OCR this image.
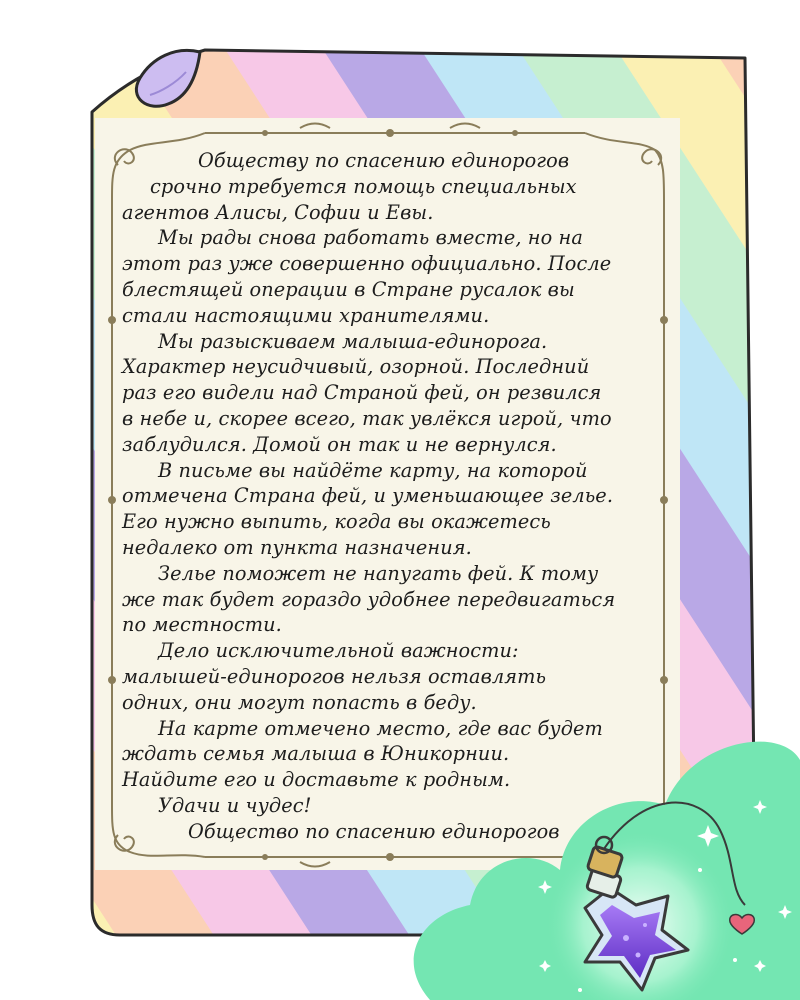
Обществу по спасению единорогов
срочно требуется помощь специальных
агентов Алисы, Софии и Евы.
Мы рады снова работать вместе, но на
этот раз уже совершенно официально. После
блестящей операции в Стране русалок вы
стали настоящими хранителями.
Мы разыскиваем малыша-единорога.
Характер неусидчивый, озорной. Последний
раз его видели над Страной фей, он резвился
в небе и, скорее всего, так увлёкся игрой, что
заблудился. Домой он так и не вернулся.
В письме вы найдёте карту, на которой
отмечена Страна фей, и уменьшающее зелье.
Его нужно выпить, когда вы окажетесь
недалеко от пункта назначения.
Зелье поможет не напугать фей. К тому
же так будет гораздо удобнее передвигаться
по местности.
Дело исключительной важности:
малышей-единорогов нельзя оставлять
одних, они могут попасть в беду.
На карте отмечено место, где вас будет
ждать семья малыша в Юникорнии.
Найдите его и доставьте к родным.
Удачи и чудес!
Общество по спасению единорогов
